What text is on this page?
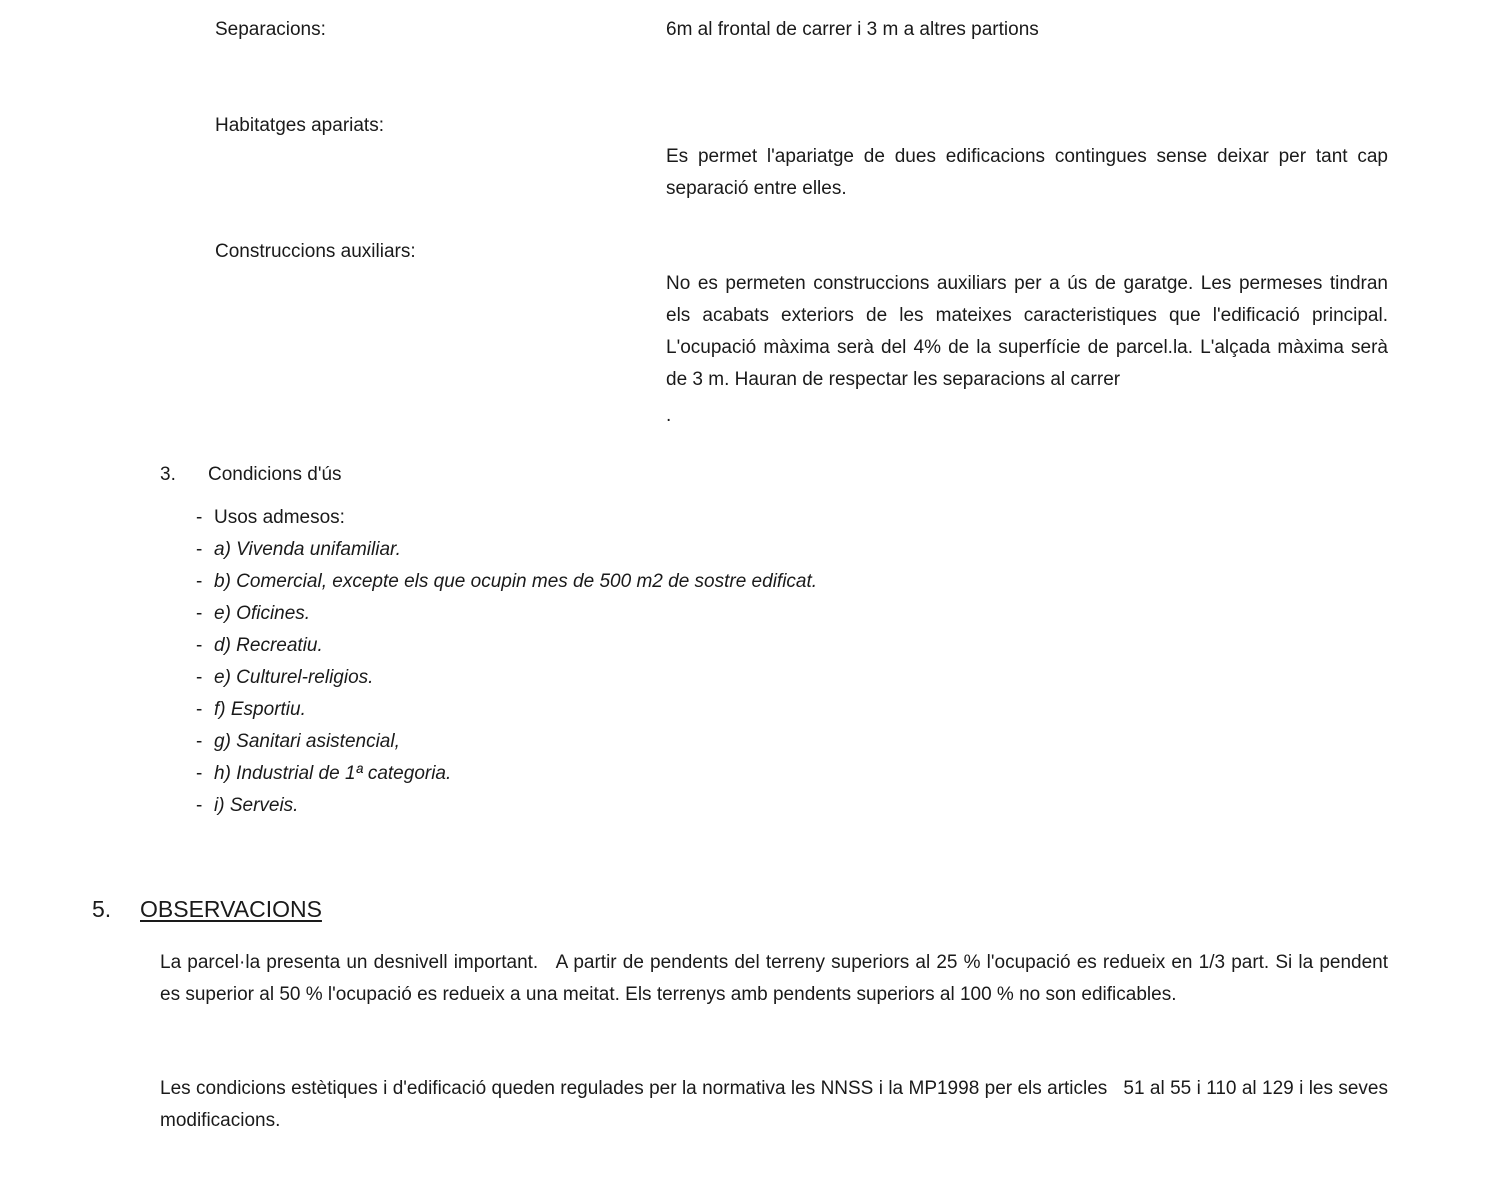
Separacions:	6m al frontal de carrer i 3 m a altres partions
Habitatges apariats:
Es permet l'apariatge de dues edificacions contingues sense deixar per tant cap separació entre elles.
Construccions auxiliars:
No es permeten construccions auxiliars per a ús de garatge. Les permeses tindran els acabats exteriors de les mateixes caracteristiques que l'edificació principal. L'ocupació màxima serà del 4% de la superfície de parcel.la. L'alçada màxima serà de 3 m. Hauran de respectar les separacions al carrer
.
3. Condicions d'ús
- Usos admesos:
- a) Vivenda unifamiliar.
- b) Comercial, excepte els que ocupin mes de 500 m2 de sostre edificat.
- e) Oficines.
- d) Recreatiu.
- e) Culturel-religios.
- f) Esportiu.
- g) Sanitari asistencial,
- h) Industrial de 1ª categoria.
- i) Serveis.
5. OBSERVACIONS
La parcel·la presenta un desnivell important.   A partir de pendents del terreny superiors al 25 % l'ocupació es redueix en 1/3 part. Si la pendent es superior al 50 % l'ocupació es redueix a una meitat. Els terrenys amb pendents superiors al 100 % no son edificables.
Les condicions estètiques i d'edificació queden regulades per la normativa les NNSS i la MP1998 per els articles   51 al 55 i 110 al 129 i les seves modificacions.
